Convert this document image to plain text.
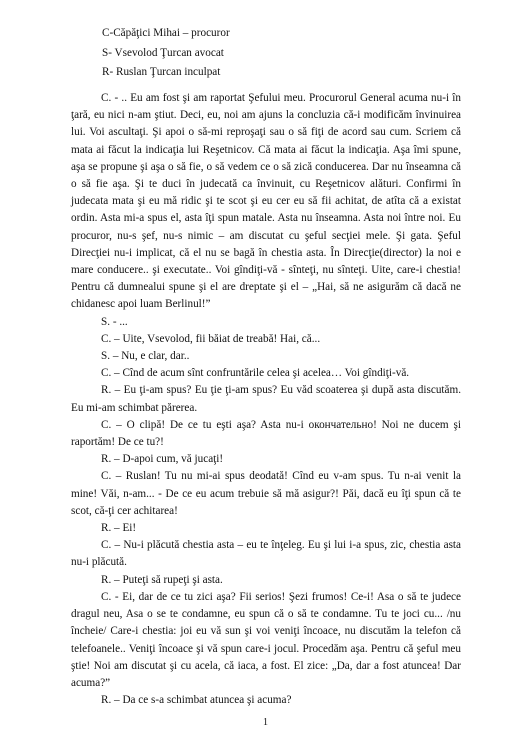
C-Căpăţici Mihai – procuror
S- Vsevolod Ţurcan avocat
R- Ruslan Ţurcan inculpat

C. - .. Eu am fost şi am raportat Şefului meu. Procurorul General acuma nu-i în ţară, eu nici n-am ştiut. Deci, eu, noi am ajuns la concluzia că-i modificăm învinuirea lui. Voi ascultaţi. Şi apoi o să-mi reproşaţi sau o să fiţi de acord sau cum. Scriem că mata ai făcut la indicaţia lui Reşetnicov. Că mata ai făcut la indicaţia. Aşa îmi spune, aşa se propune şi aşa o să fie, o să vedem ce o să zică conducerea. Dar nu înseamna că o să fie aşa. Şi te duci în judecată ca învinuit, cu Reşetnicov alături. Confirmi în judecata mata şi eu mă ridic şi te scot şi eu cer eu să fii achitat, de atîta că a existat ordin. Asta mi-a spus el, asta îţi spun matale. Asta nu înseamna. Asta noi între noi. Eu procuror, nu-s şef, nu-s nimic – am discutat cu şeful secţiei mele. Şi gata. Şeful Direcţiei nu-i implicat, că el nu se bagă în chestia asta. În Direcţie(director) la noi e mare conducere.. şi executate.. Voi gîndiţi-vă - sînteţi, nu sînteţi. Uite, care-i chestia! Pentru că dumnealui spune şi el are dreptate şi el – „Hai, să ne asigurăm că dacă ne chidanesc apoi luam Berlinul!”

S. - ...

C. – Uite, Vsevolod, fii băiat de treabă! Hai, că...

S. – Nu, e clar, dar..

C. – Cînd de acum sînt confruntările celea şi acelea… Voi gîndiţi-vă.

R. – Eu ţi-am spus? Eu ţie ţi-am spus? Eu văd scoaterea şi după asta discutăm. Eu mi-am schimbat părerea.

C. – O clipă! De ce tu eşti aşa? Asta nu-i окончательно! Noi ne ducem şi raportăm! De ce tu?!

R. – D-apoi cum, vă jucaţi!

C. – Ruslan! Tu nu mi-ai spus deodată! Cînd eu v-am spus. Tu n-ai venit la mine! Văi, n-am... - De ce eu acum trebuie să mă asigur?! Păi, dacă eu îţi spun că te scot, că-ţi cer achitarea!

R. – Ei!

C. – Nu-i plăcută chestia asta – eu te înţeleg. Eu şi lui i-a spus, zic, chestia asta nu-i plăcută.

R. – Puteţi să rupeţi şi asta.

C. - Ei, dar de ce tu zici aşa? Fii serios! Şezi frumos! Ce-i! Asa o să te judece dragul neu, Asa o se te condamne, eu spun că o să te condamne. Tu te joci cu... /nu încheie/ Care-i chestia: joi eu vă sun şi voi veniţi încoace, nu discutăm la telefon că telefoanele.. Veniţi încoace şi vă spun care-i jocul. Procedăm aşa. Pentru că şeful meu ştie! Noi am discutat şi cu acela, că iaca, a fost. El zice: „Da, dar a fost atuncea! Dar acuma?”

R. – Da ce s-a schimbat atuncea şi acuma?

1
